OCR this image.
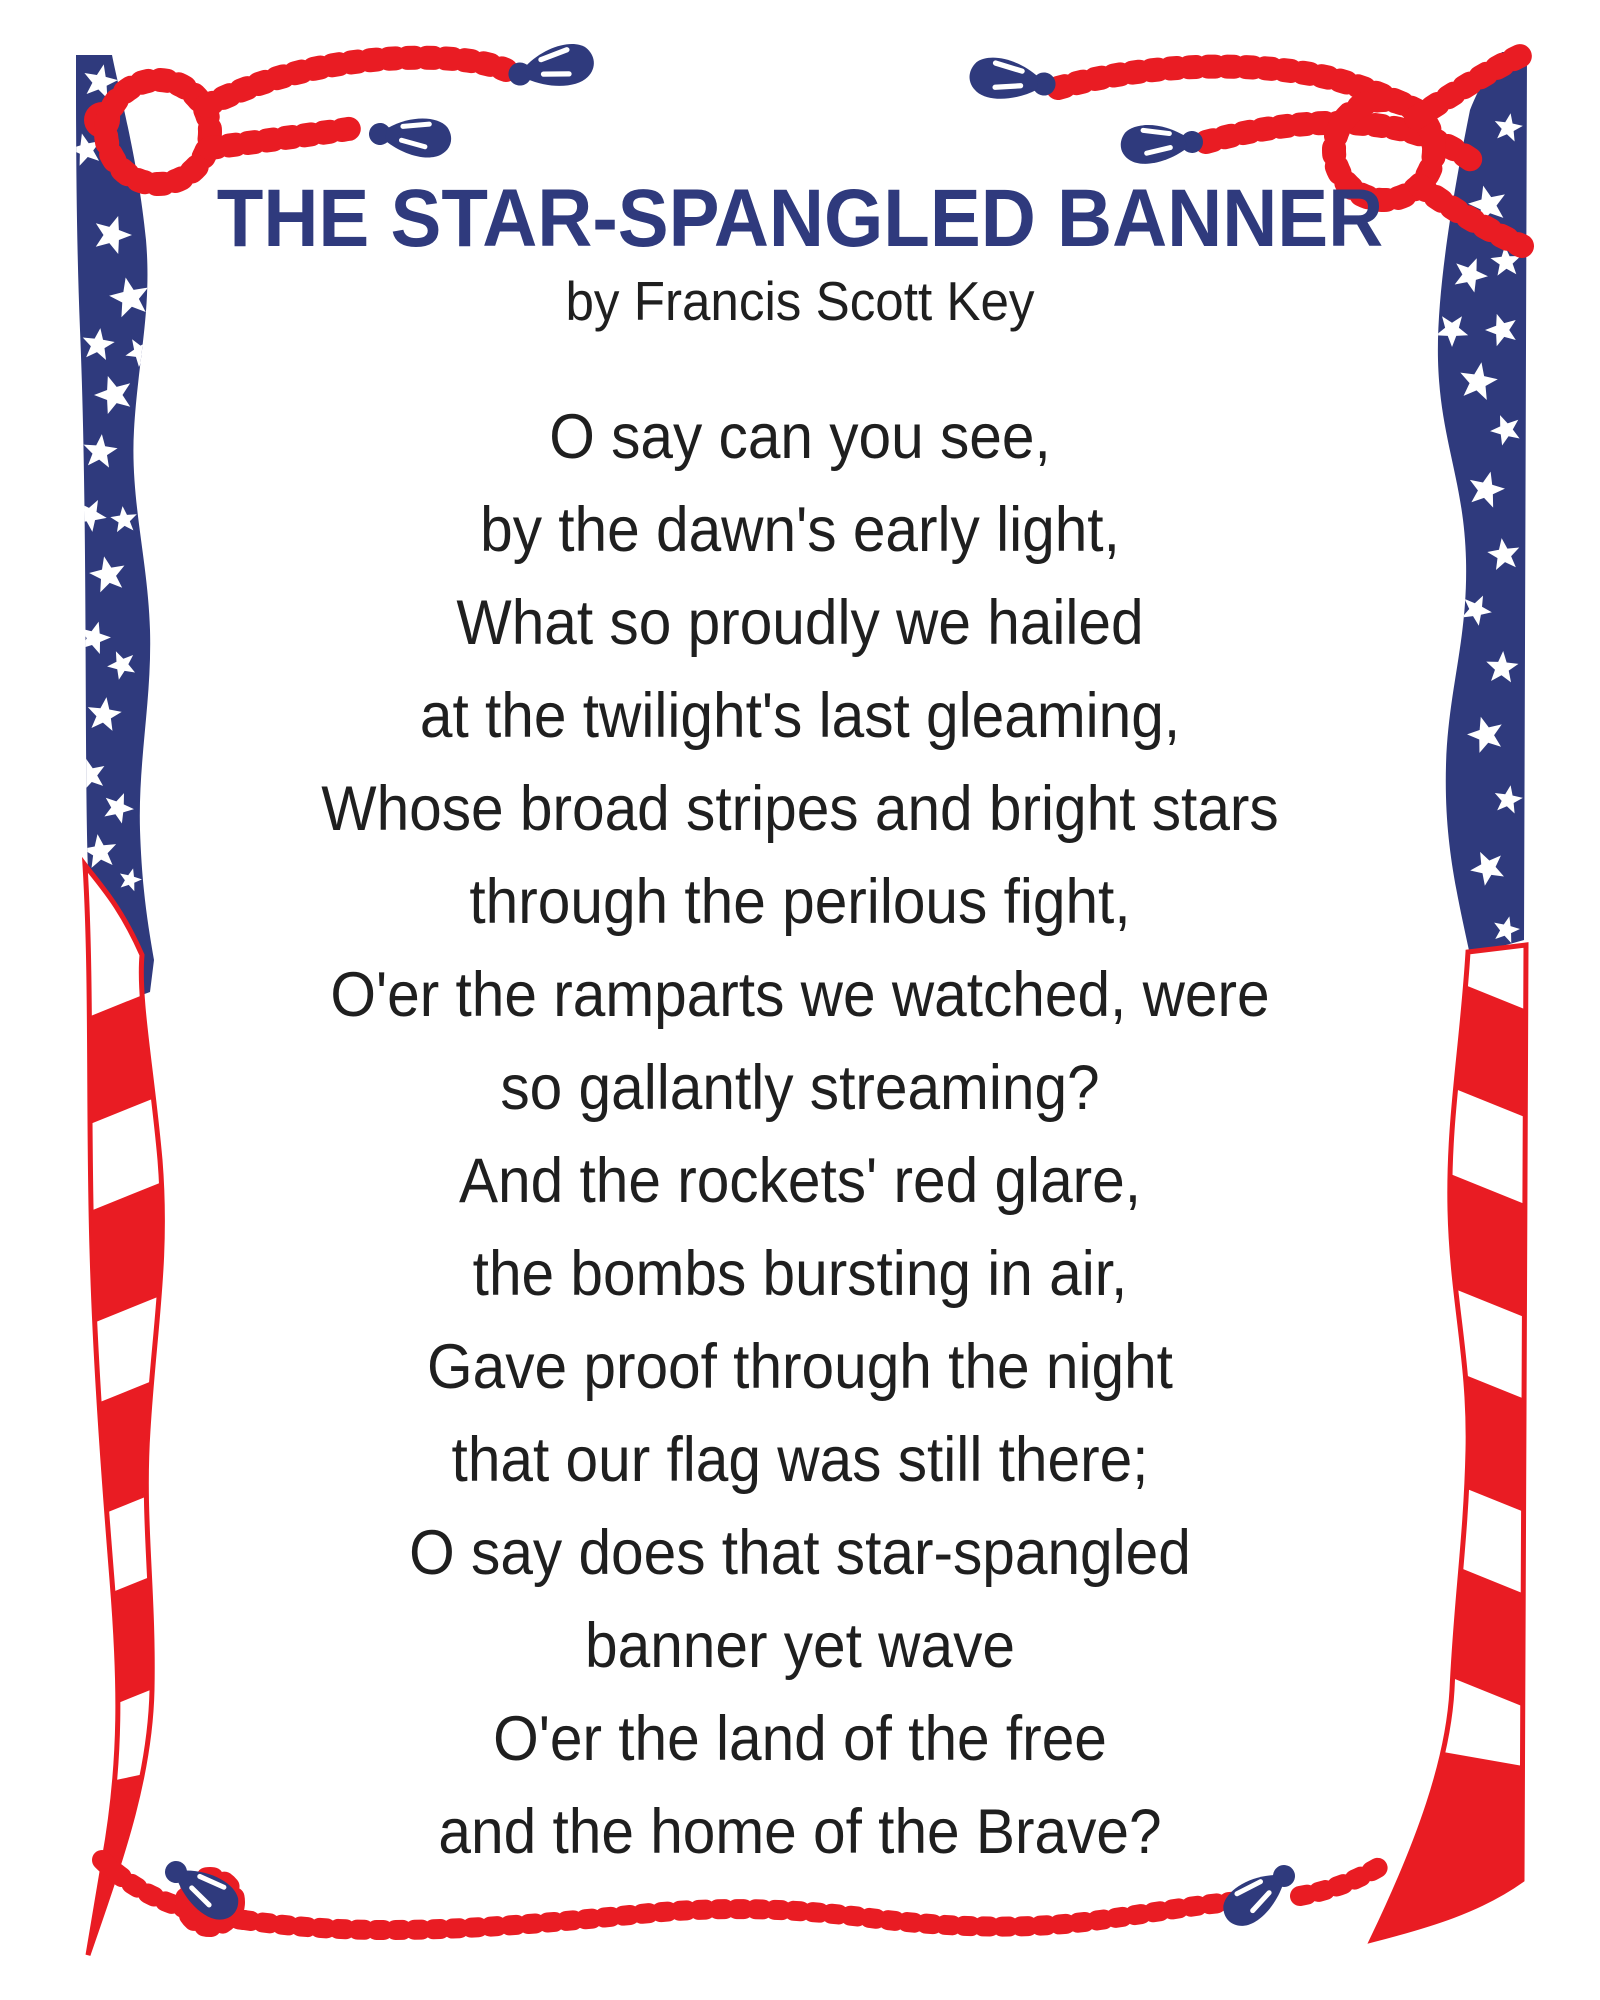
THE STAR-SPANGLED BANNER
by Francis Scott Key
O say can you see,
by the dawn's early light,
What so proudly we hailed
at the twilight's last gleaming,
Whose broad stripes and bright stars
through the perilous fight,
O'er the ramparts we watched, were
so gallantly streaming?
And the rockets' red glare,
the bombs bursting in air,
Gave proof through the night
that our flag was still there;
O say does that star-spangled
banner yet wave
O'er the land of the free
and the home of the Brave?
